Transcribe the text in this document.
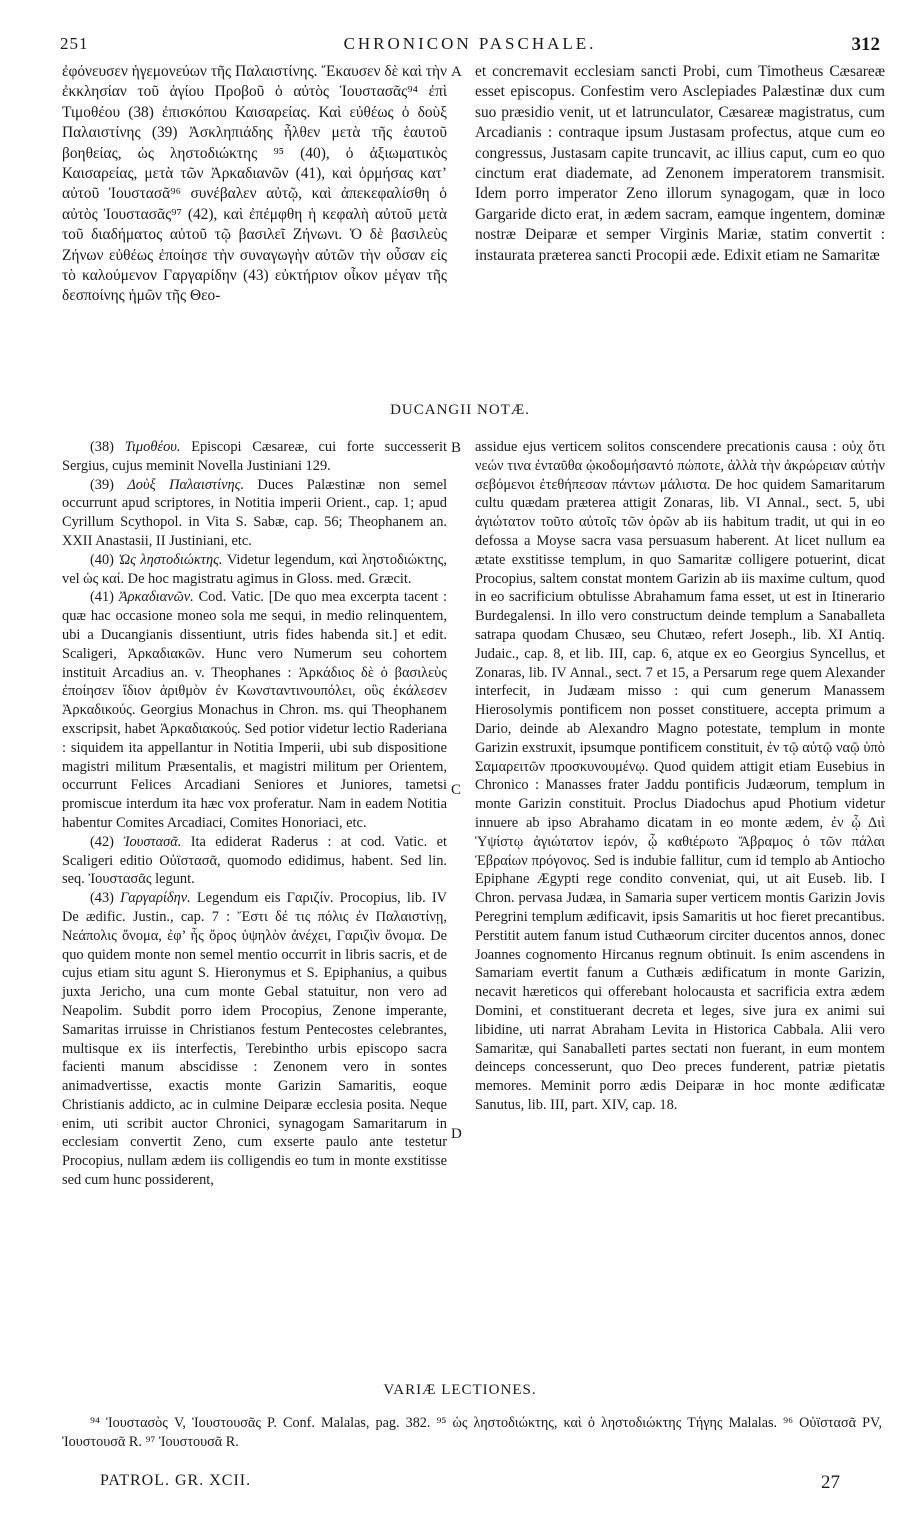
251	CHRONICON PASCHALE.	312

ἐφόνευσεν ἡγεμονεύων τῆς Παλαιστίνης. Ἔκαυσεν δὲ καὶ τὴν ἐκκλησίαν τοῦ ἁγίου Προβοῦ ὁ αὐτὸς Ἰουστασᾶς⁹⁴ ἐπὶ Τιμοθέου (38) ἐπισκόπου Καισαρείας. Καὶ εὐθέως ὁ δοὺξ Παλαιστίνης (39) Ἀσκληπιάδης ἦλθεν μετὰ τῆς ἑαυτοῦ βοηθείας, ὡς ληστοδιώκτης ⁹⁵ (40), ὁ ἀξιωματικὸς Καισαρείας, μετὰ τῶν Ἀρκαδιανῶν (41), καὶ ὁρμήσας κατ’ αὐτοῦ Ἰουστασᾶ⁹⁶ συνέβαλεν αὐτῷ, καὶ ἀπεκεφαλίσθη ὁ αὐτὸς Ἰουστασᾶς⁹⁷ (42), καὶ ἐπέμφθη ἡ κεφαλὴ αὐτοῦ μετὰ τοῦ διαδήματος αὐτοῦ τῷ βασιλεῖ Ζήνωνι. Ὁ δὲ βασιλεὺς Ζήνων εὐθέως ἐποίησε τὴν συναγωγὴν αὐτῶν τὴν οὖσαν εἰς τὸ καλούμενον Γαργαρίδην (43) εὐκτήριον οἶκον μέγαν τῆς δεσποίνης ἡμῶν τῆς Θεο-

A et concremavit ecclesiam sancti Probi, cum Timotheus Cæsareæ esset episcopus. Confestim vero Asclepiades Palæstinæ dux cum suo præsidio venit, ut et latrunculator, Cæsareæ magistratus, cum Arcadianis : contraque ipsum Justasam profectus, atque cum eo congressus, Justasam capite truncavit, ac illius caput, cum eo quo cinctum erat diademate, ad Zenonem imperatorem transmisit. Idem porro imperator Zeno illorum synagogam, quæ in loco Gargaride dicto erat, in ædem sacram, eamque ingentem, dominæ nostræ Deiparæ et semper Virginis Mariæ, statim convertit : instaurata præterea sancti Procopii æde. Edixit etiam ne Samaritæ

DUCANGII NOTÆ.

(38) Τιμοθέου. Episcopi Cæsareæ, cui forte successerit Sergius, cujus meminit Novella Justiniani 129.

(39) Δοὺξ Παλαιστίνης. Duces Palæstinæ non semel occurrunt apud scriptores, in Notitia imperii Orient., cap. 1; apud Cyrillum Scythopol. in Vita S. Sabæ, cap. 56; Theophanem an. XXII Anastasii, II Justiniani, etc.

(40) Ὡς ληστοδιώκτης. Videtur legendum, καὶ ληστοδιώκτης, vel ὡς καί. De hoc magistratu agimus in Gloss. med. Græcit.

(41) Ἀρκαδιανῶν. Cod. Vatic. [De quo mea excerpta tacent : quæ hac occasione moneo sola me sequi, in medio relinquentem, ubi a Ducangianis dissentiunt, utris fides habenda sit.] et edit. Scaligeri, Ἀρκαδιακῶν. Hunc vero Numerum seu cohortem instituit Arcadius an. v. Theophanes : Ἀρκάδιος δὲ ὁ βασιλεὺς ἐποίησεν ἴδιον ἀριθμὸν ἐν Κωνσταντινουπόλει, οὓς ἐκάλεσεν Ἀρκαδικούς. Georgius Monachus in Chron. ms. qui Theophanem exscripsit, habet Ἀρκαδιακούς. Sed potior videtur lectio Raderiana : siquidem ita appellantur in Notitia Imperii, ubi sub dispositione magistri militum Præsentalis, et magistri militum per Orientem, occurrunt Felices Arcadiani Seniores et Juniores, tametsi promiscue interdum ita hæc vox proferatur. Nam in eadem Notitia habentur Comites Arcadiaci, Comites Honoriaci, etc.

(42) Ἰουστασᾶ. Ita ediderat Raderus : at cod. Vatic. et Scaligeri editio Οὐϊστασᾶ, quomodo edidimus, habent. Sed lin. seq. Ἰουστασᾶς legunt.

(43) Γαργαρίδην. Legendum eis Γαριζίν. Procopius, lib. IV De ædific. Justin., cap. 7 : Ἔστι δέ τις πόλις ἐν Παλαιστίνῃ, Νεάπολις ὄνομα, ἐφ’ ἧς ὄρος ὑψηλὸν ἀνέχει, Γαριζὶν ὄνομα. De quo quidem monte non semel mentio occurrit in libris sacris, et de cujus etiam situ agunt S. Hieronymus et S. Epiphanius, a quibus juxta Jericho, una cum monte Gebal statuitur, non vero ad Neapolim. Subdit porro idem Procopius, Zenone imperante, Samaritas irruisse in Christianos festum Pentecostes celebrantes, multisque ex iis interfectis, Terebintho urbis episcopo sacra facienti manum abscidisse : Zenonem vero in sontes animadvertisse, exactis monte Garizin Samaritis, eoque Christianis addicto, ac in culmine Deiparæ ecclesia posita. Neque enim, uti scribit auctor Chronici, synagogam Samaritarum in ecclesiam convertit Zeno, cum exserte paulo ante testetur Procopius, nullam ædem iis colligendis eo tum in monte exstitisse sed cum hunc possiderent,

B
C
D

assidue ejus verticem solitos conscendere precationis causa : οὐχ ὅτι νεών τινα ἐνταῦθα ᾠκοδομήσαντό πώποτε, ἀλλὰ τὴν ἀκρώρειαν αὐτὴν σεβόμενοι ἐτεθήπεσαν πάντων μάλιστα. De hoc quidem Samaritarum cultu quædam præterea attigit Zonaras, lib. VI Annal., sect. 5, ubi ἁγιώτατον τοῦτο αὐτοῖς τῶν ὀρῶν ab iis habitum tradit, ut qui in eo defossa a Moyse sacra vasa persuasum haberent. At licet nullum ea ætate exstitisse templum, in quo Samaritæ colligere potuerint, dicat Procopius, saltem constat montem Garizin ab iis maxime cultum, quod in eo sacrificium obtulisse Abrahamum fama esset, ut est in Itinerario Burdegalensi. In illo vero constructum deinde templum a Sanaballeta satrapa quodam Chusæo, seu Chutæo, refert Joseph., lib. XI Antiq. Judaic., cap. 8, et lib. III, cap. 6, atque ex eo Georgius Syncellus, et Zonaras, lib. IV Annal., sect. 7 et 15, a Persarum rege quem Alexander interfecit, in Judæam misso : qui cum generum Manassem Hierosolymis pontificem non posset constituere, accepta primum a Dario, deinde ab Alexandro Magno potestate, templum in monte Garizin exstruxit, ipsumque pontificem constituit, ἐν τῷ αὐτῷ ναῷ ὑπὸ Σαμαρειτῶν προσκυνουμένῳ. Quod quidem attigit etiam Eusebius in Chronico : Manasses frater Jaddu pontificis Judæorum, templum in monte Garizin constituit. Proclus Diadochus apud Photium videtur innuere ab ipso Abrahamo dicatam in eo monte ædem, ἐν ᾧ Διὶ Ὑψίστῳ ἁγιώτατον ἱερόν, ᾧ καθιέρωτο Ἄβραμος ὁ τῶν πάλαι Ἑβραίων πρόγονος. Sed is indubie fallitur, cum id templo ab Antiocho Epiphane Ægypti rege condito conveniat, qui, ut ait Euseb. lib. I Chron. pervasa Judæa, in Samaria super verticem montis Garizin Jovis Peregrini templum ædificavit, ipsis Samaritis ut hoc fieret precantibus. Perstitit autem fanum istud Cuthæorum circiter ducentos annos, donec Joannes cognomento Hircanus regnum obtinuit. Is enim ascendens in Samariam evertit fanum a Cuthæis ædificatum in monte Garizin, necavit hæreticos qui offerebant holocausta et sacrificia extra ædem Domini, et constituerant decreta et leges, sive jura ex animi sui libidine, uti narrat Abraham Levita in Historica Cabbala. Alii vero Samaritæ, qui Sanaballeti partes sectati non fuerant, in eum montem deinceps concesserunt, quo Deo preces funderent, patriæ pietatis memores. Meminit porro ædis Deiparæ in hoc monte ædificatæ Sanutus, lib. III, part. XIV, cap. 18.

VARIÆ LECTIONES.
⁹⁴ Ἰουστασὸς V, Ἰουστουσᾶς P. Conf. Malalas, pag. 382. ⁹⁵ ὡς ληστοδιώκτης, καὶ ὁ ληστοδιώκτης Τήγης Malalas. ⁹⁶ Οὐϊστασᾶ PV, Ἰουστουσᾶ R. ⁹⁷ Ἰουστουσᾶ R.
PATROL. GR. XCII.	27
